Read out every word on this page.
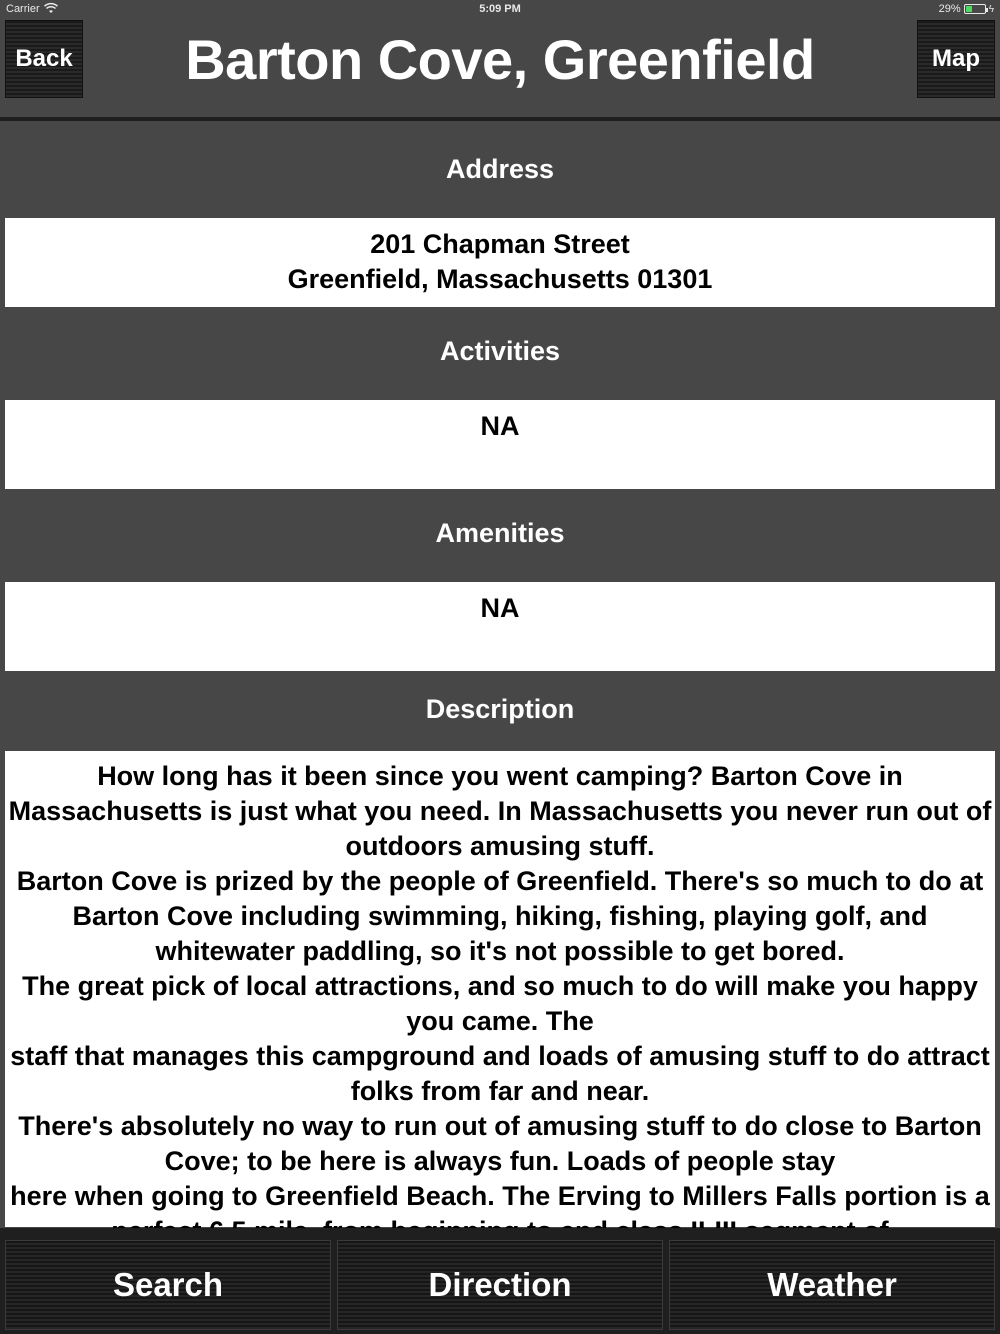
Carrier	5:09 PM	29%	ϟ
Back	Barton Cove, Greenfield	Map
Address
201 Chapman Street
Greenfield, Massachusetts 01301
Activities
NA
Amenities
NA
Description

How long has it been since you went camping? Barton Cove in Massachusetts is just what you need. In Massachusetts you never run out of outdoors amusing stuff.

Barton Cove is prized by the people of Greenfield. There's so much to do at Barton Cove including swimming, hiking, fishing, playing golf, and whitewater paddling, so it's not possible to get bored.

The great pick of local attractions, and so much to do will make you happy you came. The

staff that manages this campground and loads of amusing stuff to do attract folks from far and near.

There's absolutely no way to run out of amusing stuff to do close to Barton Cove; to be here is always fun. Loads of people stay

here when going to Greenfield Beach. The Erving to Millers Falls portion is a

Search	Direction	Weather
